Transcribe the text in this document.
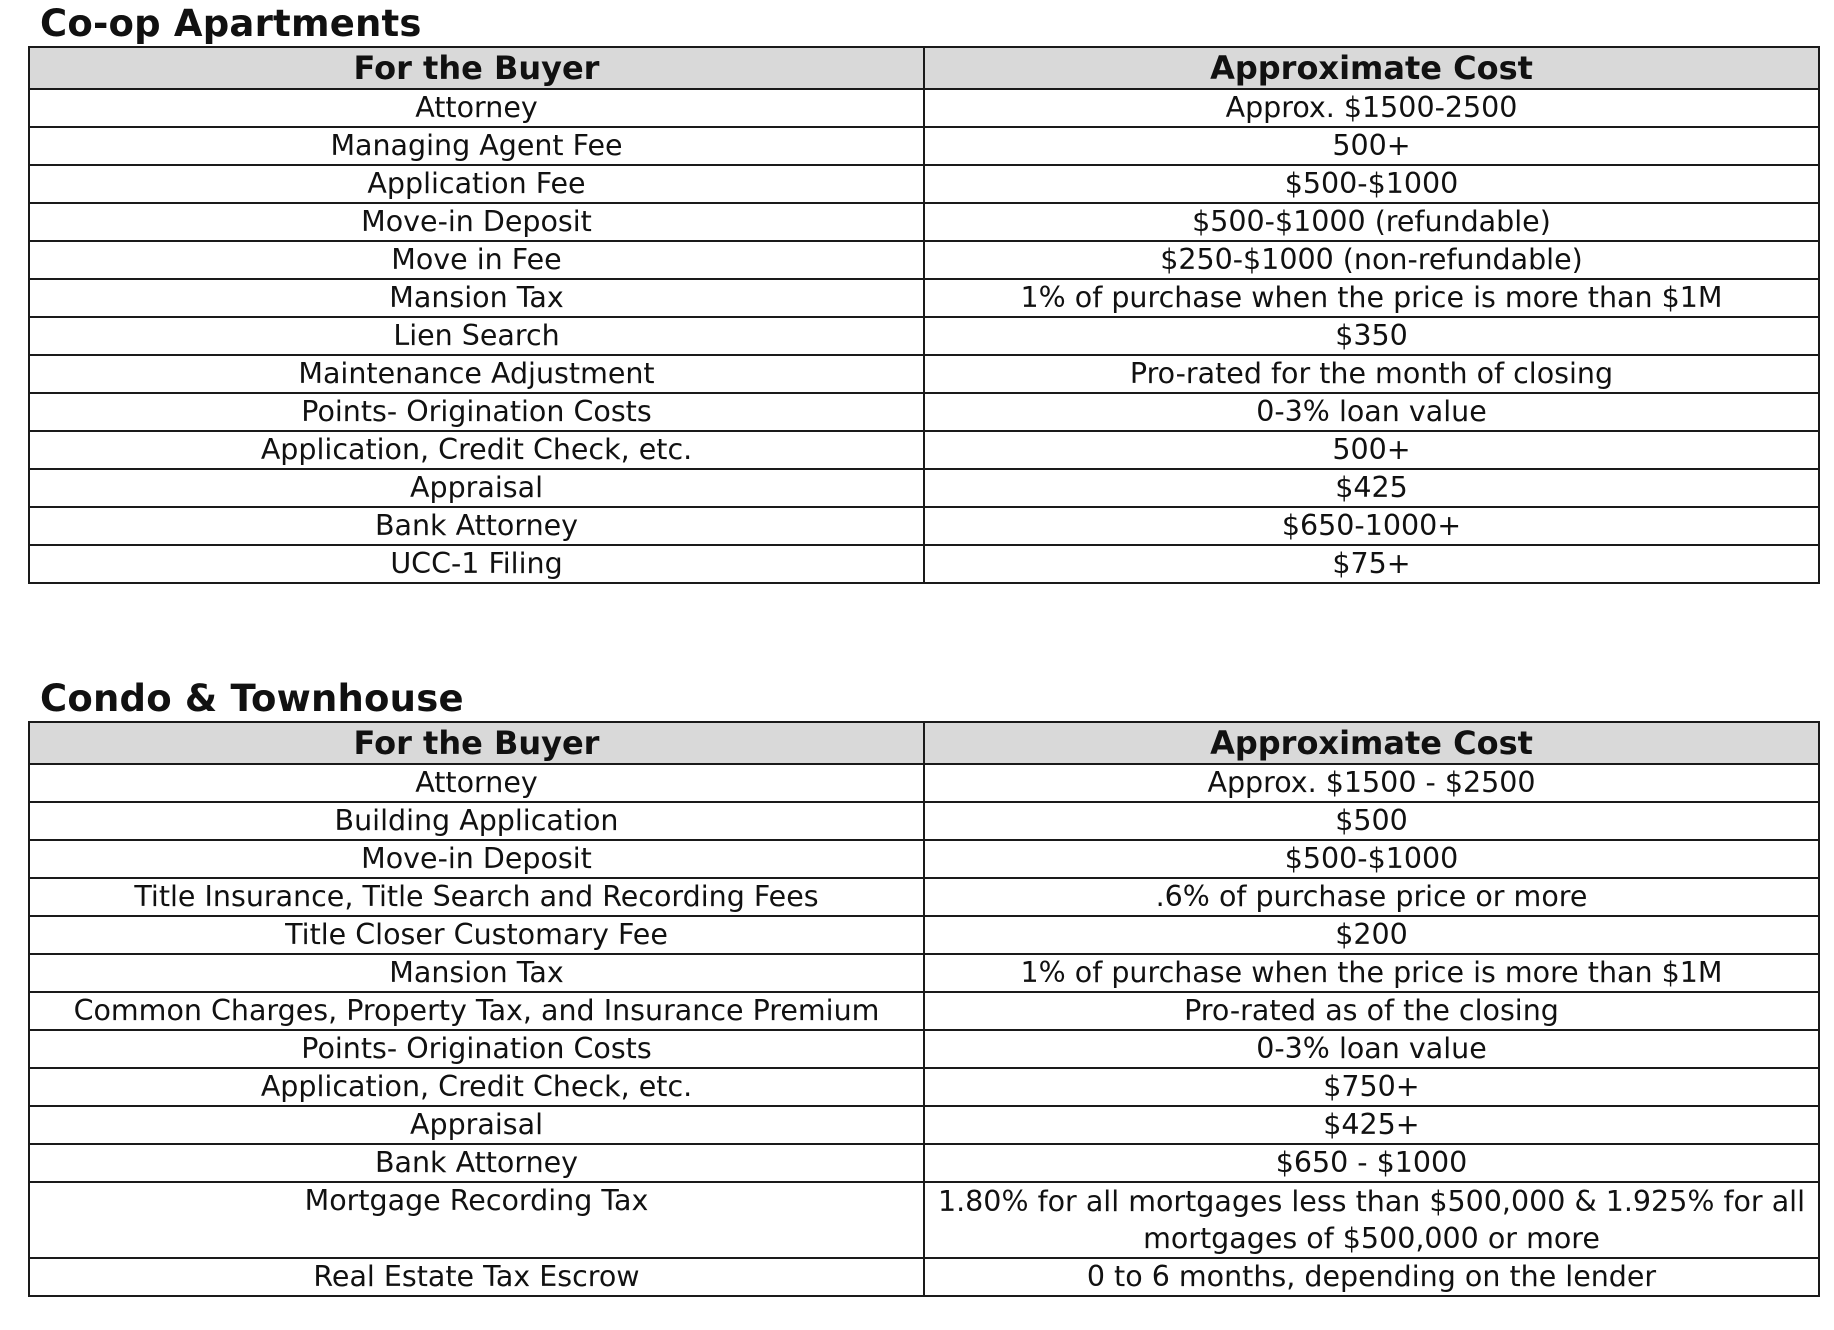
Co-op Apartments
For the Buyer	Approximate Cost
Attorney	Approx. $1500-2500
Managing Agent Fee	500+
Application Fee	$500-$1000
Move-in Deposit	$500-$1000 (refundable)
Move in Fee	$250-$1000 (non-refundable)
Mansion Tax	1% of purchase when the price is more than $1M
Lien Search	$350
Maintenance Adjustment	Pro-rated for the month of closing
Points- Origination Costs	0-3% loan value
Application, Credit Check, etc.	500+
Appraisal	$425
Bank Attorney	$650-1000+
UCC-1 Filing	$75+
Condo & Townhouse
For the Buyer	Approximate Cost
Attorney	Approx. $1500 - $2500
Building Application	$500
Move-in Deposit	$500-$1000
Title Insurance, Title Search and Recording Fees	.6% of purchase price or more
Title Closer Customary Fee	$200
Mansion Tax	1% of purchase when the price is more than $1M
Common Charges, Property Tax, and Insurance Premium	Pro-rated as of the closing
Points- Origination Costs	0-3% loan value
Application, Credit Check, etc.	$750+
Appraisal	$425+
Bank Attorney	$650 - $1000
Mortgage Recording Tax	1.80% for all mortgages less than $500,000 & 1.925% for all mortgages of $500,000 or more
Real Estate Tax Escrow	0 to 6 months, depending on the lender
